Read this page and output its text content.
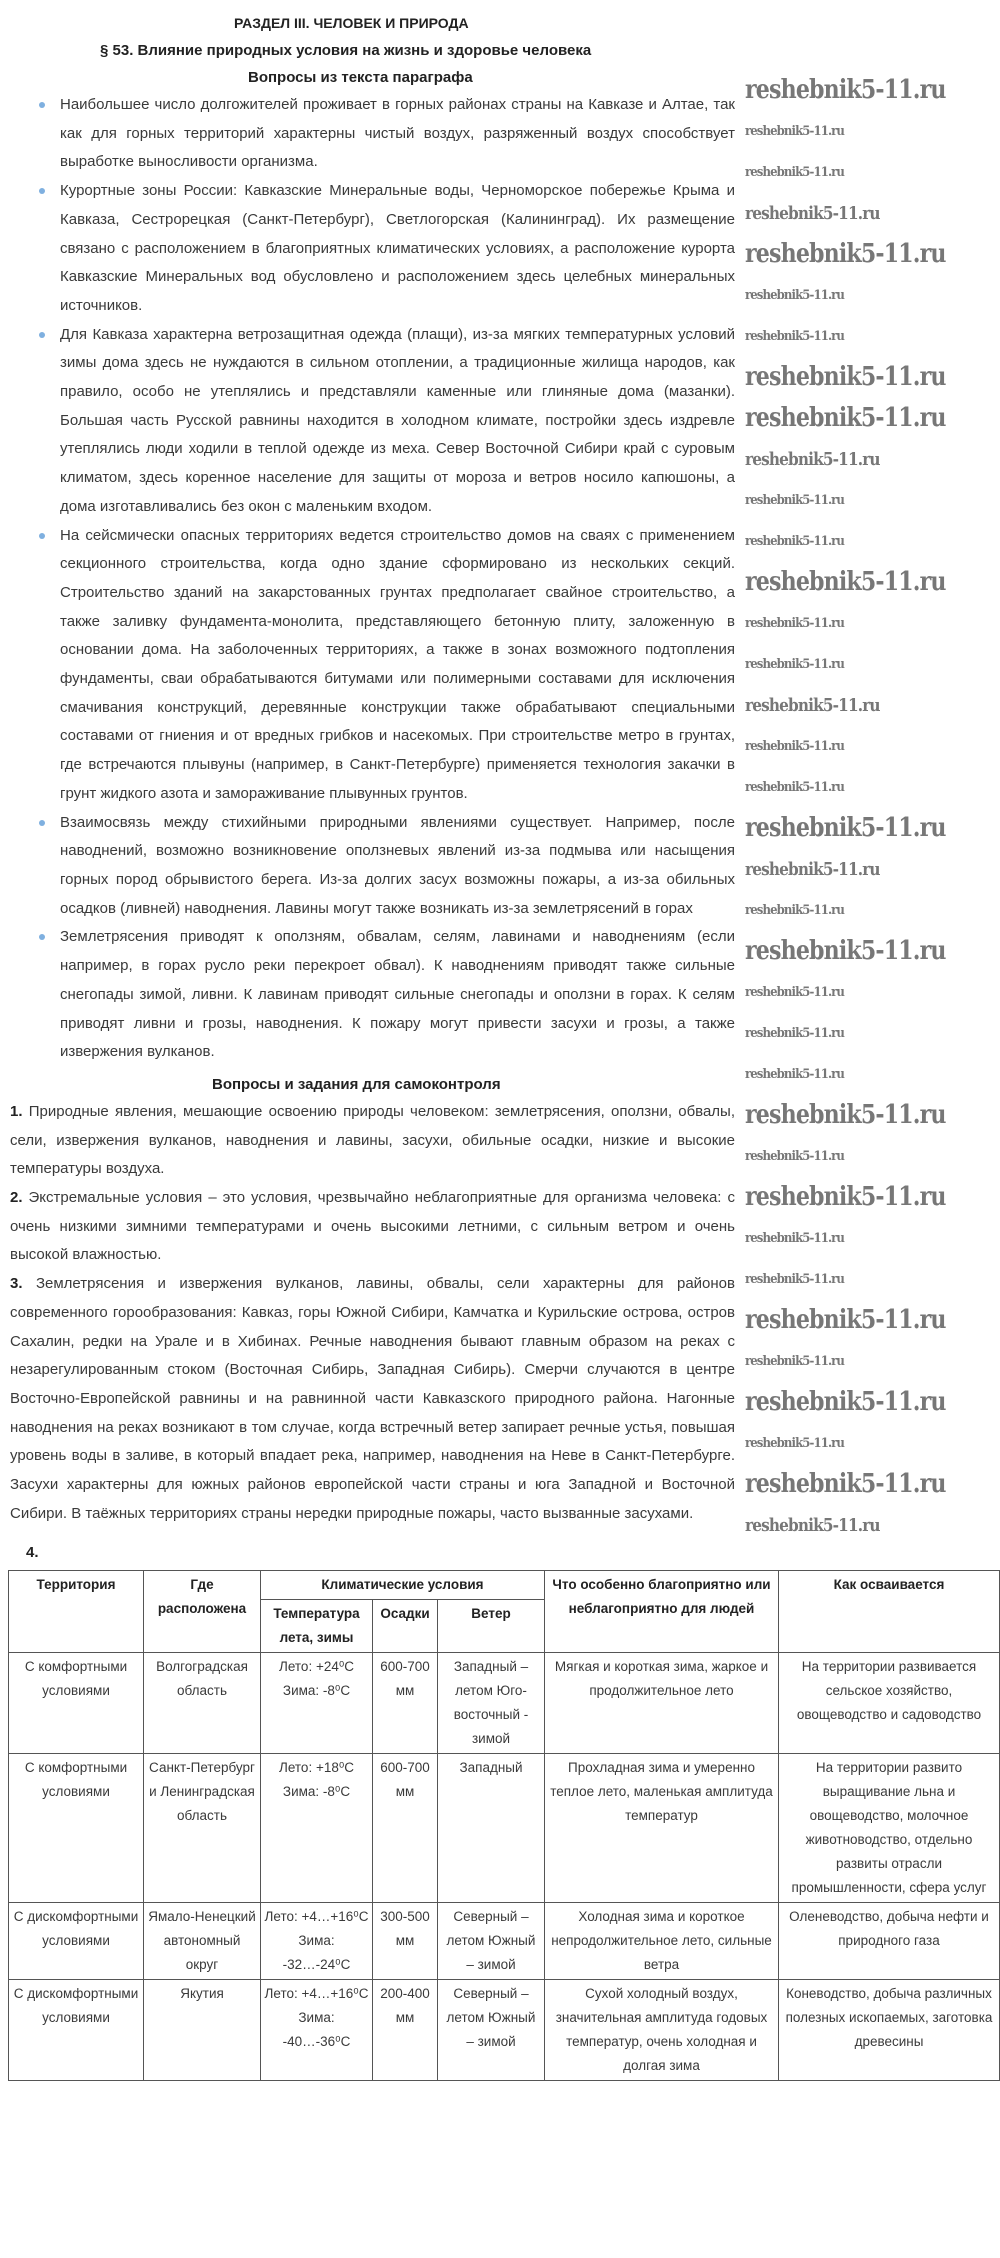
РАЗДЕЛ III. ЧЕЛОВЕК И ПРИРОДА
§ 53. Влияние природных условия на жизнь и здоровье человека
Вопросы из текста параграфа

Наибольшее число долгожителей проживает в горных районах страны на Кавказе и Алтае, так как для горных территорий характерны чистый воздух, разряженный воздух способствует выработке выносливости организма.

Курортные зоны России: Кавказские Минеральные воды, Черноморское побережье Крыма и Кавказа, Сестрорецкая (Санкт-Петербург), Светлогорская (Калининград). Их размещение связано с расположением в благоприятных климатических условиях, а расположение курорта Кавказские Минеральных вод обусловлено и расположением здесь целебных минеральных источников.

Для Кавказа характерна ветрозащитная одежда (плащи), из-за мягких температурных условий зимы дома здесь не нуждаются в сильном отоплении, а традиционные жилища народов, как правило, особо не утеплялись и представляли каменные или глиняные дома (мазанки). Большая часть Русской равнины находится в холодном климате, постройки здесь издревле утеплялись люди ходили в теплой одежде из меха. Север Восточной Сибири край с суровым климатом, здесь коренное население для защиты от мороза и ветров носило капюшоны, а дома изготавливались без окон с маленьким входом.

На сейсмически опасных территориях ведется строительство домов на сваях с применением секционного строительства, когда одно здание сформировано из нескольких секций. Строительство зданий на закарстованных грунтах предполагает свайное строительство, а также заливку фундамента-монолита, представляющего бетонную плиту, заложенную в основании дома. На заболоченных территориях, а также в зонах возможного подтопления фундаменты, сваи обрабатываются битумами или полимерными составами для исключения смачивания конструкций, деревянные конструкции также обрабатывают специальными составами от гниения и от вредных грибков и насекомых. При строительстве метро в грунтах, где встречаются плывуны (например, в Санкт-Петербурге) применяется технология закачки в грунт жидкого азота и замораживание плывунных грунтов.

Взаимосвязь между стихийными природными явлениями существует. Например, после наводнений, возможно возникновение оползневых явлений из-за подмыва или насыщения горных пород обрывистого берега. Из-за долгих засух возможны пожары, а из-за обильных осадков (ливней) наводнения. Лавины могут также возникать из-за землетрясений в горах

Землетрясения приводят к оползням, обвалам, селям, лавинами и наводнениям (если например, в горах русло реки перекроет обвал). К наводнениям приводят также сильные снегопады зимой, ливни. К лавинам приводят сильные снегопады и оползни в горах. К селям приводят ливни и грозы, наводнения. К пожару могут привести засухи и грозы, а также извержения вулканов.

Вопросы и задания для самоконтроля

1. Природные явления, мешающие освоению природы человеком: землетрясения, оползни, обвалы, сели, извержения вулканов, наводнения и лавины, засухи, обильные осадки, низкие и высокие температуры воздуха.

2. Экстремальные условия – это условия, чрезвычайно неблагоприятные для организма человека: с очень низкими зимними температурами и очень высокими летними, с сильным ветром и очень высокой влажностью.

3. Землетрясения и извержения вулканов, лавины, обвалы, сели характерны для районов современного горообразования: Кавказ, горы Южной Сибири, Камчатка и Курильские острова, остров Сахалин, редки на Урале и в Хибинах. Речные наводнения бывают главным образом на реках с незарегулированным стоком (Восточная Сибирь, Западная Сибирь). Смерчи случаются в центре Восточно-Европейской равнины и на равнинной части Кавказского природного района. Нагонные наводнения на реках возникают в том случае, когда встречный ветер запирает речные устья, повышая уровень воды в заливе, в который впадает река, например, наводнения на Неве в Санкт-Петербурге. Засухи характерны для южных районов европейской части страны и юга Западной и Восточной Сибири. В таёжных территориях страны нередки природные пожары, часто вызванные засухами.

4.
Территория	Где расположена	Климатические условия			Что особенно благоприятно или неблагоприятно для людей	Как осваивается
		Температура лета, зимы	Осадки	Ветер		
С комфортными условиями	Волгоградская область	Лето: +24⁰C Зима: -8⁰C	600-700 мм	Западный – летом Юго-восточный - зимой	Мягкая и короткая зима, жаркое и продолжительное лето	На территории развивается сельское хозяйство, овощеводство и садоводство
С комфортными условиями	Санкт-Петербург и Ленинградская область	Лето: +18⁰C Зима: -8⁰C	600-700 мм	Западный	Прохладная зима и умеренно теплое лето, маленькая амплитуда температур	На территории развито выращивание льна и овощеводство, молочное животноводство, отдельно развиты отрасли промышленности, сфера услуг
С дискомфортными условиями	Ямало-Ненецкий автономный округ	Лето: +4…+16⁰C Зима: -32…-24⁰C	300-500 мм	Северный – летом Южный – зимой	Холодная зима и короткое непродолжительное лето, сильные ветра	Оленеводство, добыча нефти и природного газа
С дискомфортными условиями	Якутия	Лето: +4…+16⁰C Зима: -40…-36⁰C	200-400 мм	Северный – летом Южный – зимой	Сухой холодный воздух, значительная амплитуда годовых температур, очень холодная и долгая зима	Коневодство, добыча различных полезных ископаемых, заготовка древесины
reshebnik5-11.ru
reshebnik5-11.ru
reshebnik5-11.ru
reshebnik5-11.ru
reshebnik5-11.ru
reshebnik5-11.ru
reshebnik5-11.ru
reshebnik5-11.ru
reshebnik5-11.ru
reshebnik5-11.ru
reshebnik5-11.ru
reshebnik5-11.ru
reshebnik5-11.ru
reshebnik5-11.ru
reshebnik5-11.ru
reshebnik5-11.ru
reshebnik5-11.ru
reshebnik5-11.ru
reshebnik5-11.ru
reshebnik5-11.ru
reshebnik5-11.ru
reshebnik5-11.ru
reshebnik5-11.ru
reshebnik5-11.ru
reshebnik5-11.ru
reshebnik5-11.ru
reshebnik5-11.ru
reshebnik5-11.ru
reshebnik5-11.ru
reshebnik5-11.ru
reshebnik5-11.ru
reshebnik5-11.ru
reshebnik5-11.ru
reshebnik5-11.ru
reshebnik5-11.ru
reshebnik5-11.ru
